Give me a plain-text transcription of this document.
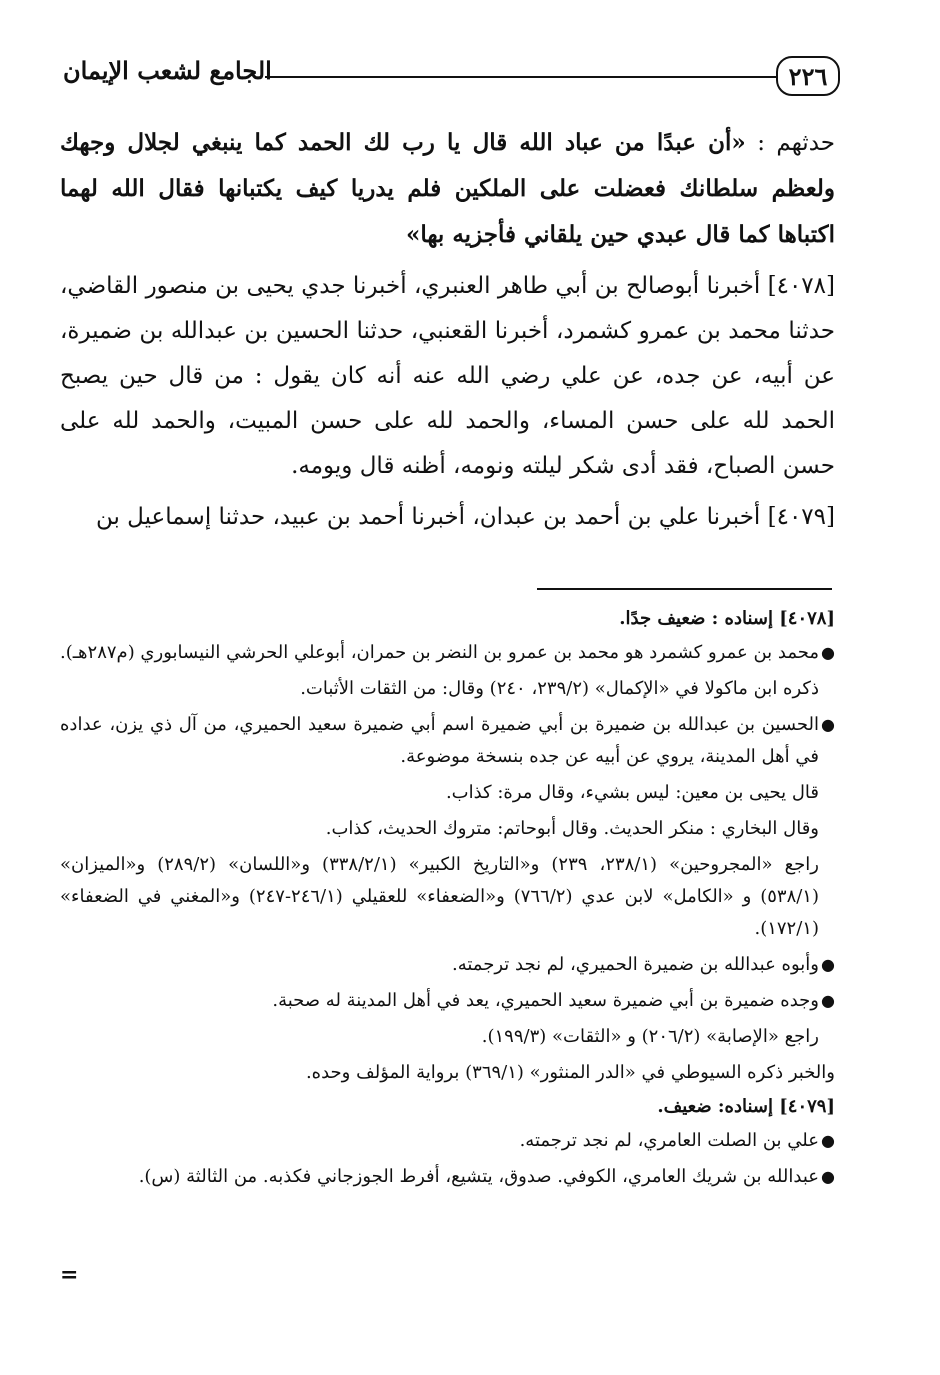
٢٢٦
الجامع لشعب الإيمان

حدثهم : «أن عبدًا من عباد الله قال يا رب لك الحمد كما ينبغي لجلال وجهك ولعظم سلطانك فعضلت على الملكين فلم يدريا كيف يكتبانها فقال الله لهما اكتباها كما قال عبدي حين يلقاني فأجزيه بها»

[٤٠٧٨] أخبرنا أبوصالح بن أبي طاهر العنبري، أخبرنا جدي يحيى بن منصور القاضي، حدثنا محمد بن عمرو كشمرد، أخبرنا القعنبي، حدثنا الحسين بن عبدالله بن ضميرة، عن أبيه، عن جده، عن علي رضي الله عنه أنه كان يقول : من قال حين يصبح الحمد لله على حسن المساء، والحمد لله على حسن المبيت، والحمد لله على حسن الصباح، فقد أدى شكر ليلته ونومه، أظنه قال ويومه.

[٤٠٧٩] أخبرنا علي بن أحمد بن عبدان، أخبرنا أحمد بن عبيد، حدثنا إسماعيل بن

[٤٠٧٨] إسناده : ضعيف جدًا.
●
محمد بن عمرو كشمرد هو محمد بن عمرو بن النضر بن حمران، أبوعلي الحرشي النيسابوري (م٢٨٧هـ).

ذكره ابن ماكولا في «الإكمال» (٢٣٩/٢، ٢٤٠) وقال: من الثقات الأثبات.

●
الحسين بن عبدالله بن ضميرة بن أبي ضميرة اسم أبي ضميرة سعيد الحميري، من آل ذي يزن، عداده في أهل المدينة، يروي عن أبيه عن جده بنسخة موضوعة.

قال يحيى بن معين: ليس بشيء، وقال مرة: كذاب.

وقال البخاري : منكر الحديث. وقال أبوحاتم: متروك الحديث، كذاب.

راجع «المجروحين» (٢٣٨/١، ٢٣٩) و«التاريخ الكبير» (٣٣٨/٢/١) و«اللسان» (٢٨٩/٢) و«الميزان» (٥٣٨/١) و «الكامل» لابن عدي (٧٦٦/٢) و«الضعفاء» للعقيلي (٢٤٦/١-٢٤٧) و«المغني في الضعفاء» (١٧٢/١).

●
وأبوه عبدالله بن ضميرة الحميري، لم نجد ترجمته.
●
وجده ضميرة بن أبي ضميرة سعيد الحميري، يعد في أهل المدينة له صحبة.

راجع «الإصابة» (٢٠٦/٢) و «الثقات» (١٩٩/٣).

والخبر ذكره السيوطي في «الدر المنثور» (٣٦٩/١) برواية المؤلف وحده.

[٤٠٧٩] إسناده: ضعيف.
●
علي بن الصلت العامري، لم نجد ترجمته.
●
عبدالله بن شريك العامري، الكوفي. صدوق، يتشيع، أفرط الجوزجاني فكذبه. من الثالثة (س).
=
